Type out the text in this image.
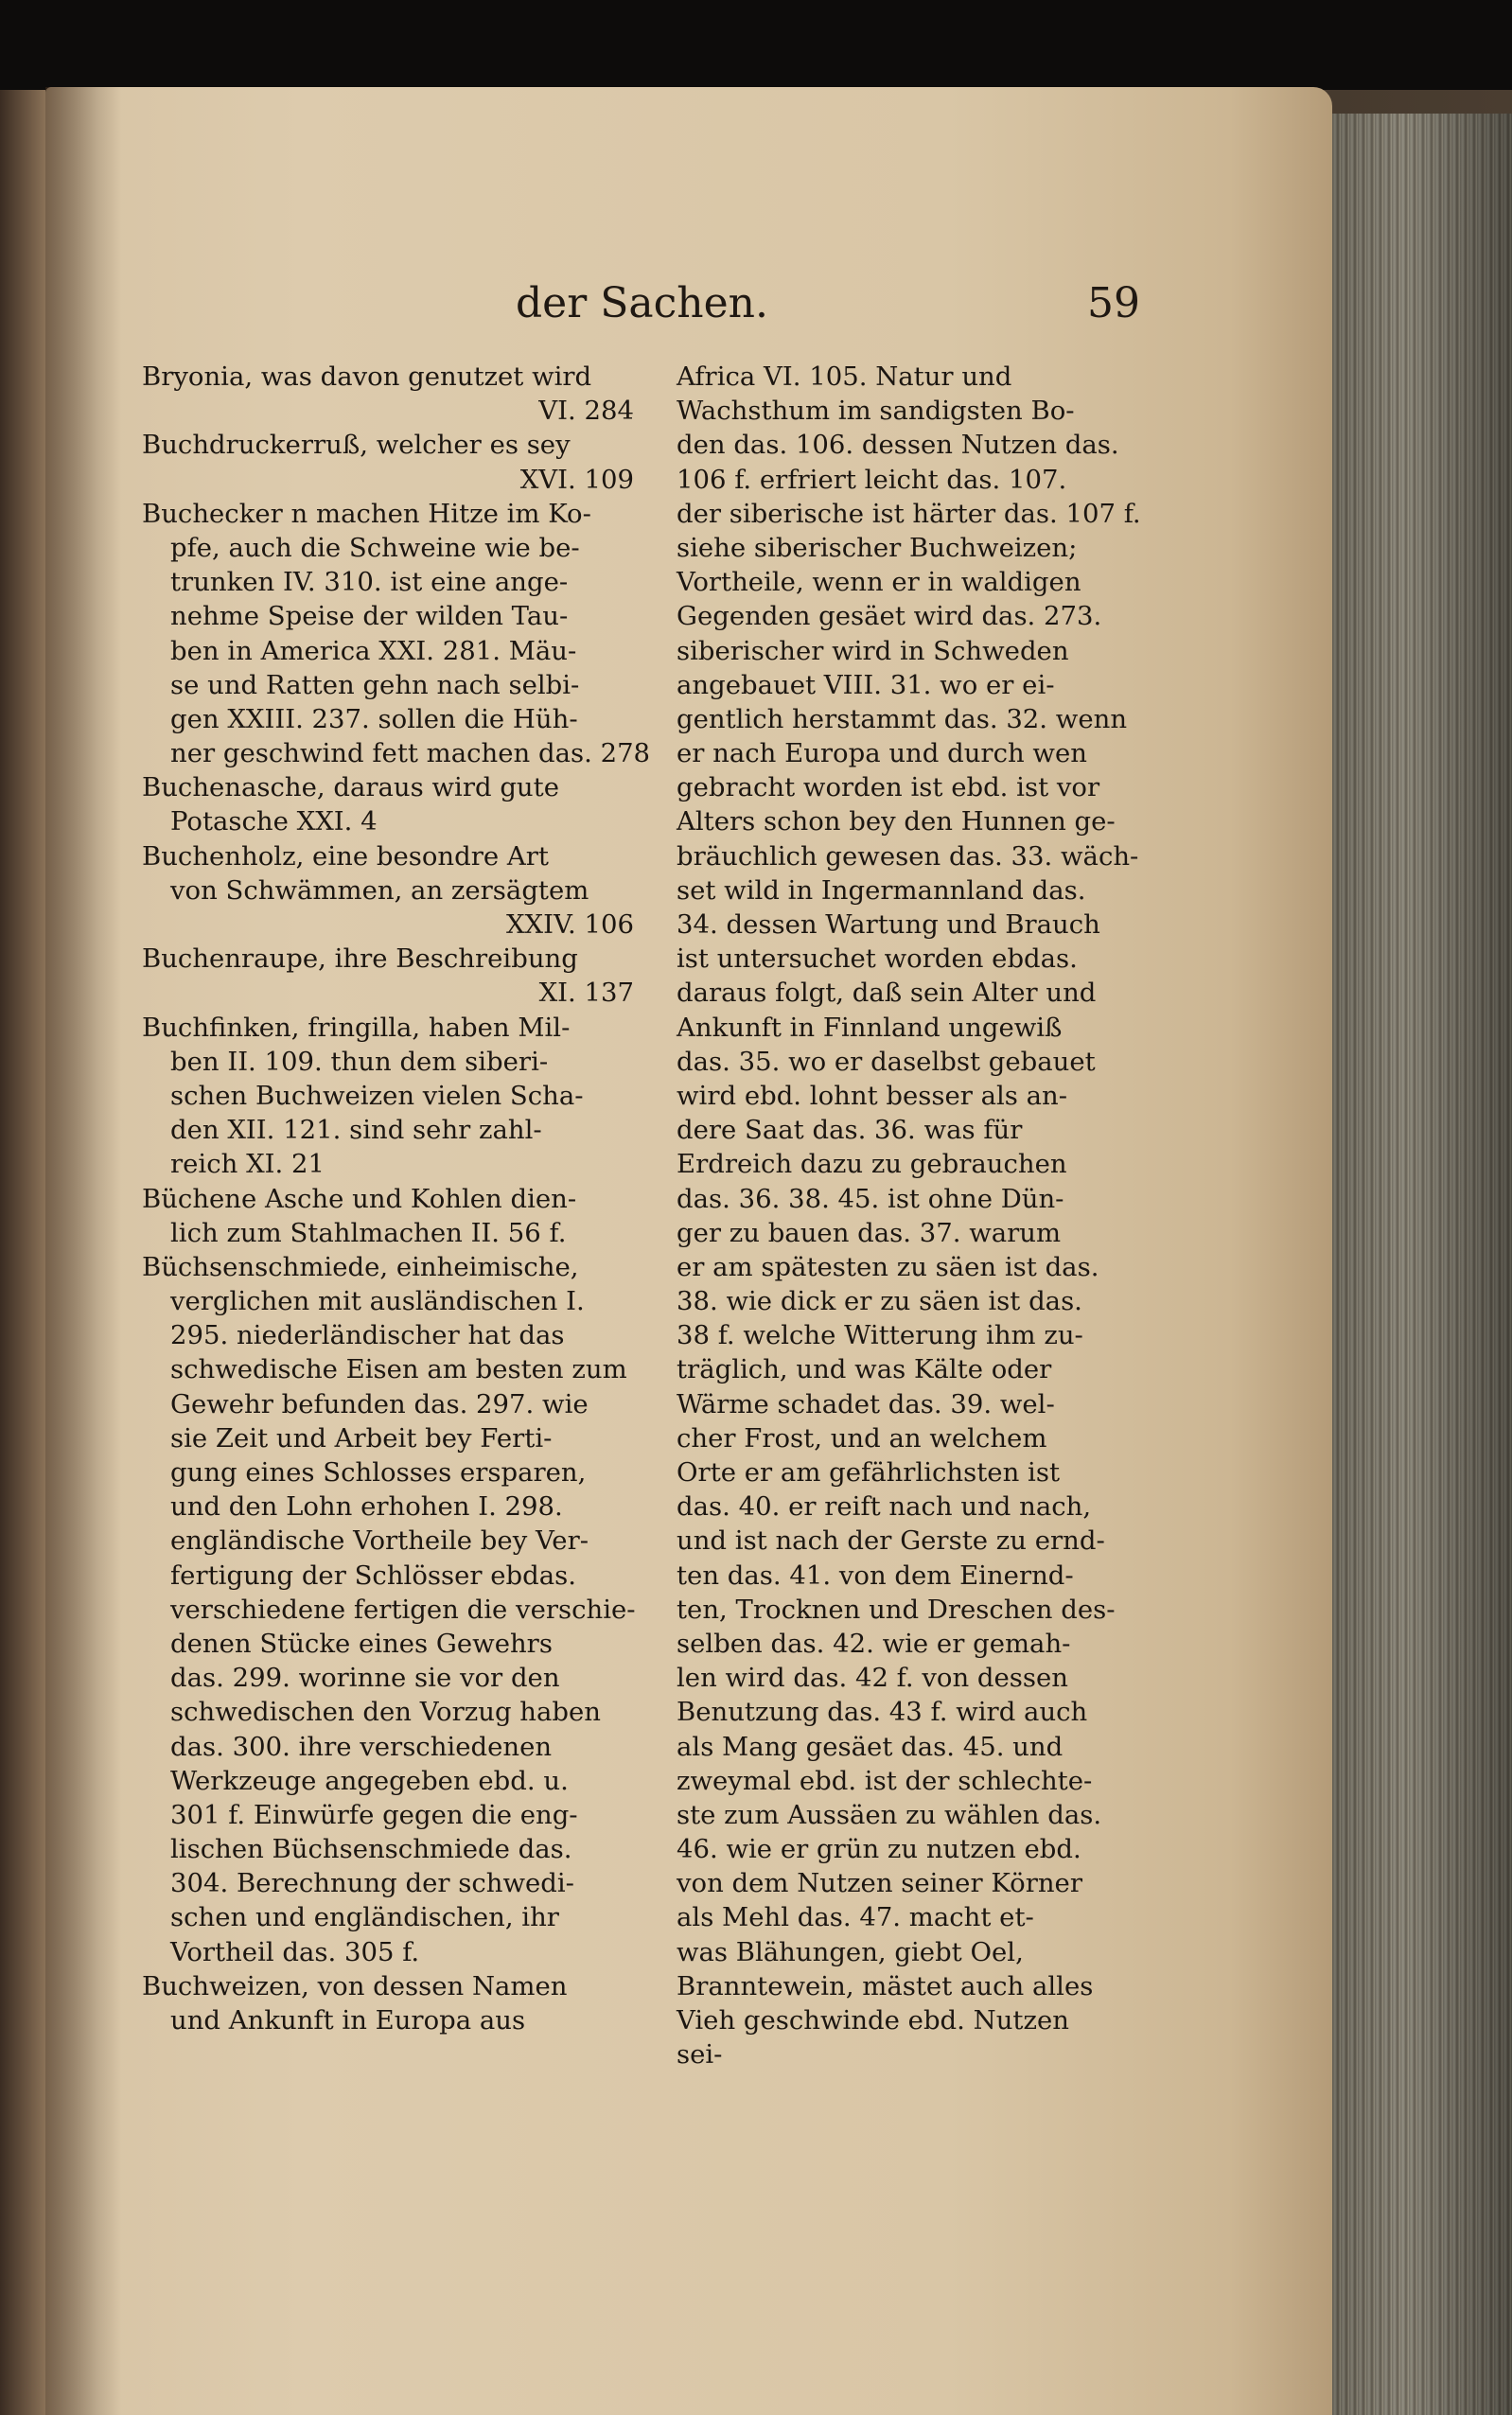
der Sachen.	59
Bryonia, was davon genutzet wird
VI. 284
Buchdruckerruß, welcher es sey
XVI. 109
Buchecker n machen Hitze im Ko-
pfe, auch die Schweine wie be-
trunken IV. 310. ist eine ange-
nehme Speise der wilden Tau-
ben in America XXI. 281. Mäu-
se und Ratten gehn nach selbi-
gen XXIII. 237. sollen die Hüh-
ner geschwind fett machen das. 278
Buchenasche, daraus wird gute
Potasche XXI. 4
Buchenholz, eine besondre Art
von Schwämmen, an zersägtem
XXIV. 106
Buchenraupe, ihre Beschreibung
XI. 137
Buchfinken, fringilla, haben Mil-
ben II. 109. thun dem siberi-
schen Buchweizen vielen Scha-
den XII. 121. sind sehr zahl-
reich XI. 21
Büchene Asche und Kohlen dien-
lich zum Stahlmachen II. 56 f.
Büchsenschmiede, einheimische,
verglichen mit ausländischen I.
295. niederländischer hat das
schwedische Eisen am besten zum
Gewehr befunden das. 297. wie
sie Zeit und Arbeit bey Ferti-
gung eines Schlosses ersparen,
und den Lohn erhohen I. 298.
engländische Vortheile bey Ver-
fertigung der Schlösser ebdas.
verschiedene fertigen die verschie-
denen Stücke eines Gewehrs
das. 299. worinne sie vor den
schwedischen den Vorzug haben
das. 300. ihre verschiedenen
Werkzeuge angegeben ebd. u.
301 f. Einwürfe gegen die eng-
lischen Büchsenschmiede das.
304. Berechnung der schwedi-
schen und engländischen, ihr
Vortheil das. 305 f.
Buchweizen, von dessen Namen
und Ankunft in Europa aus
Africa VI. 105. Natur und
Wachsthum im sandigsten Bo-
den das. 106. dessen Nutzen das.
106 f. erfriert leicht das. 107.
der siberische ist härter das. 107 f.
siehe siberischer Buchweizen;
Vortheile, wenn er in waldigen
Gegenden gesäet wird das. 273.
siberischer wird in Schweden
angebauet VIII. 31. wo er ei-
gentlich herstammt das. 32. wenn
er nach Europa und durch wen
gebracht worden ist ebd. ist vor
Alters schon bey den Hunnen ge-
bräuchlich gewesen das. 33. wäch-
set wild in Ingermannland das.
34. dessen Wartung und Brauch
ist untersuchet worden ebdas.
daraus folgt, daß sein Alter und
Ankunft in Finnland ungewiß
das. 35. wo er daselbst gebauet
wird ebd. lohnt besser als an-
dere Saat das. 36. was für
Erdreich dazu zu gebrauchen
das. 36. 38. 45. ist ohne Dün-
ger zu bauen das. 37. warum
er am spätesten zu säen ist das.
38. wie dick er zu säen ist das.
38 f. welche Witterung ihm zu-
träglich, und was Kälte oder
Wärme schadet das. 39. wel-
cher Frost, und an welchem
Orte er am gefährlichsten ist
das. 40. er reift nach und nach,
und ist nach der Gerste zu ernd-
ten das. 41. von dem Einernd-
ten, Trocknen und Dreschen des-
selben das. 42. wie er gemah-
len wird das. 42 f. von dessen
Benutzung das. 43 f. wird auch
als Mang gesäet das. 45. und
zweymal ebd. ist der schlechte-
ste zum Aussäen zu wählen das.
46. wie er grün zu nutzen ebd.
von dem Nutzen seiner Körner
als Mehl das. 47. macht et-
was Blähungen, giebt Oel,
Branntewein, mästet auch alles
Vieh geschwinde ebd. Nutzen
sei-
